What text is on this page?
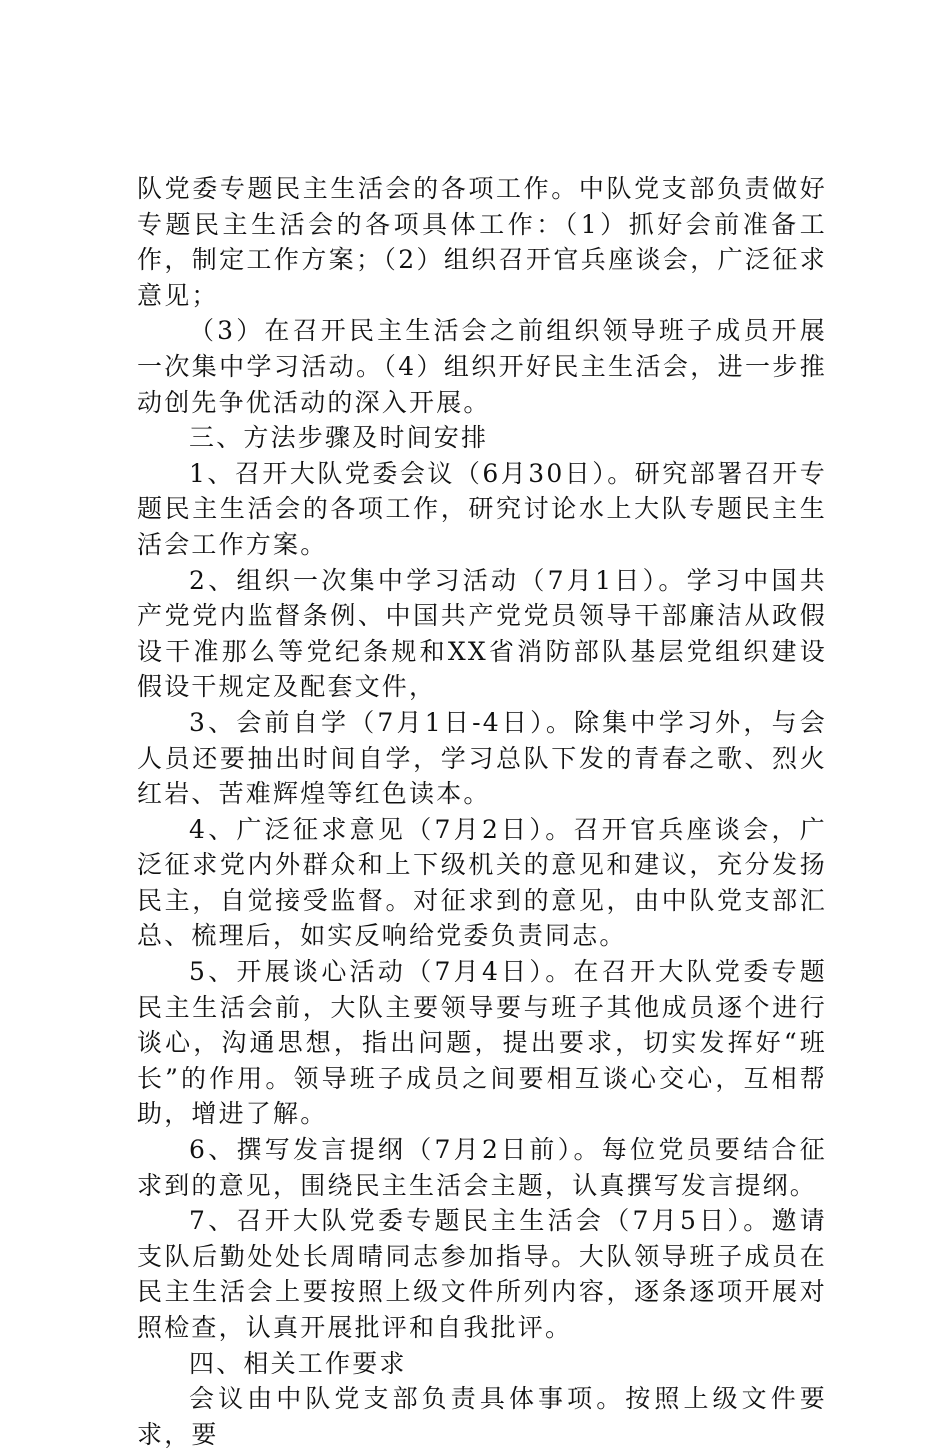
队党委专题民主生活会的各项工作。中队党支部负责做好专题民主生活会的各项具体工作：（1）抓好会前准备工作，制定工作方案；（2）组织召开官兵座谈会，广泛征求意见；

（3）在召开民主生活会之前组织领导班子成员开展一次集中学习活动。（4）组织开好民主生活会，进一步推动创先争优活动的深入开展。

三、方法步骤及时间安排

1、召开大队党委会议（6月30日）。研究部署召开专题民主生活会的各项工作，研究讨论水上大队专题民主生活会工作方案。

2、组织一次集中学习活动（7月1日）。学习中国共产党党内监督条例、中国共产党党员领导干部廉洁从政假设干准那么等党纪条规和XX省消防部队基层党组织建设假设干规定及配套文件，

3、会前自学（7月1日-4日）。除集中学习外，与会人员还要抽出时间自学，学习总队下发的青春之歌、烈火红岩、苦难辉煌等红色读本。

4、广泛征求意见（7月2日）。召开官兵座谈会，广泛征求党内外群众和上下级机关的意见和建议，充分发扬民主，自觉接受监督。对征求到的意见，由中队党支部汇总、梳理后，如实反响给党委负责同志。

5、开展谈心活动（7月4日）。在召开大队党委专题民主生活会前，大队主要领导要与班子其他成员逐个进行谈心，沟通思想，指出问题，提出要求，切实发挥好“班长”的作用。领导班子成员之间要相互谈心交心，互相帮助，增进了解。

6、撰写发言提纲（7月2日前）。每位党员要结合征求到的意见，围绕民主生活会主题，认真撰写发言提纲。

7、召开大队党委专题民主生活会（7月5日）。邀请支队后勤处处长周晴同志参加指导。大队领导班子成员在民主生活会上要按照上级文件所列内容，逐条逐项开展对照检查，认真开展批评和自我批评。

四、相关工作要求

会议由中队党支部负责具体事项。按照上级文件要求，要
